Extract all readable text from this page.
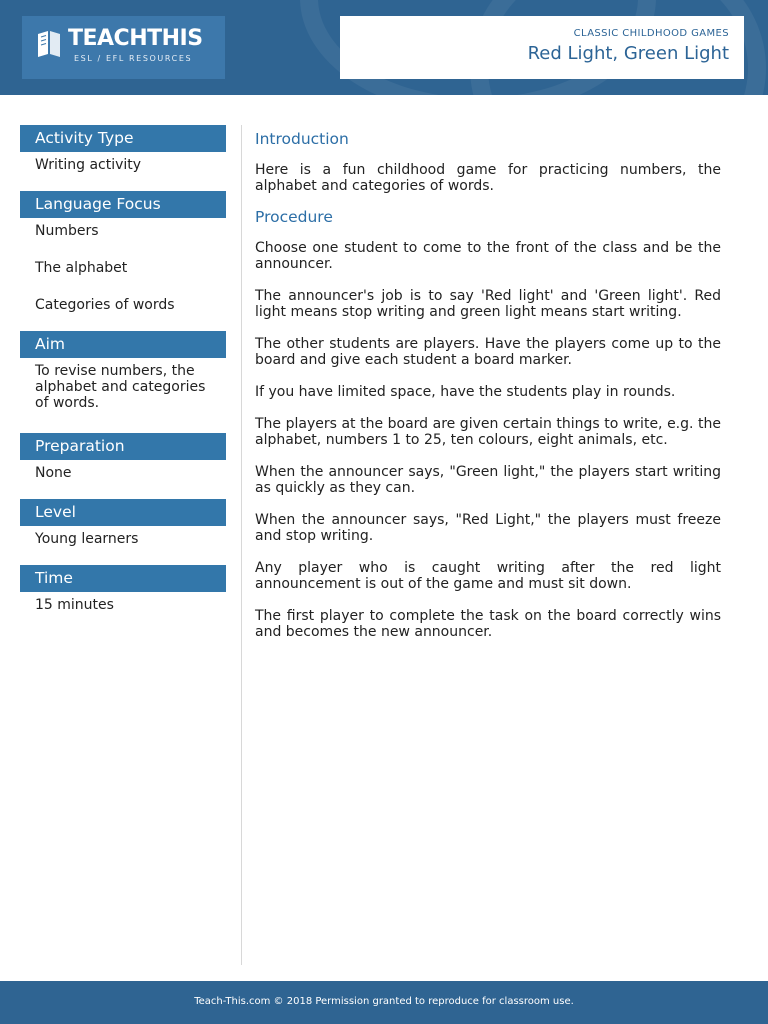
TEACHTHIS
ESL / EFL RESOURCES
CLASSIC CHILDHOOD GAMES
Red Light, Green Light
Activity Type
Writing activity
Language Focus
Numbers
The alphabet
Categories of words
Aim
To revise numbers, the alphabet and categories of words.
Preparation
None
Level
Young learners
Time
15 minutes
Introduction

Here is a fun childhood game for practicing numbers, the alphabet and categories of words.

Procedure

Choose one student to come to the front of the class and be the announcer.

The announcer's job is to say 'Red light' and 'Green light'. Red light means stop writing and green light means start writing.

The other students are players. Have the players come up to the board and give each student a board marker.

If you have limited space, have the students play in rounds.

The players at the board are given certain things to write, e.g. the alphabet, numbers 1 to 25, ten colours, eight animals, etc.

When the announcer says, "Green light," the players start writing as quickly as they can.

When the announcer says, "Red Light," the players must freeze and stop writing.

Any player who is caught writing after the red light announcement is out of the game and must sit down.

The first player to complete the task on the board correctly wins and becomes the new announcer.

Teach-This.com © 2018 Permission granted to reproduce for classroom use.
